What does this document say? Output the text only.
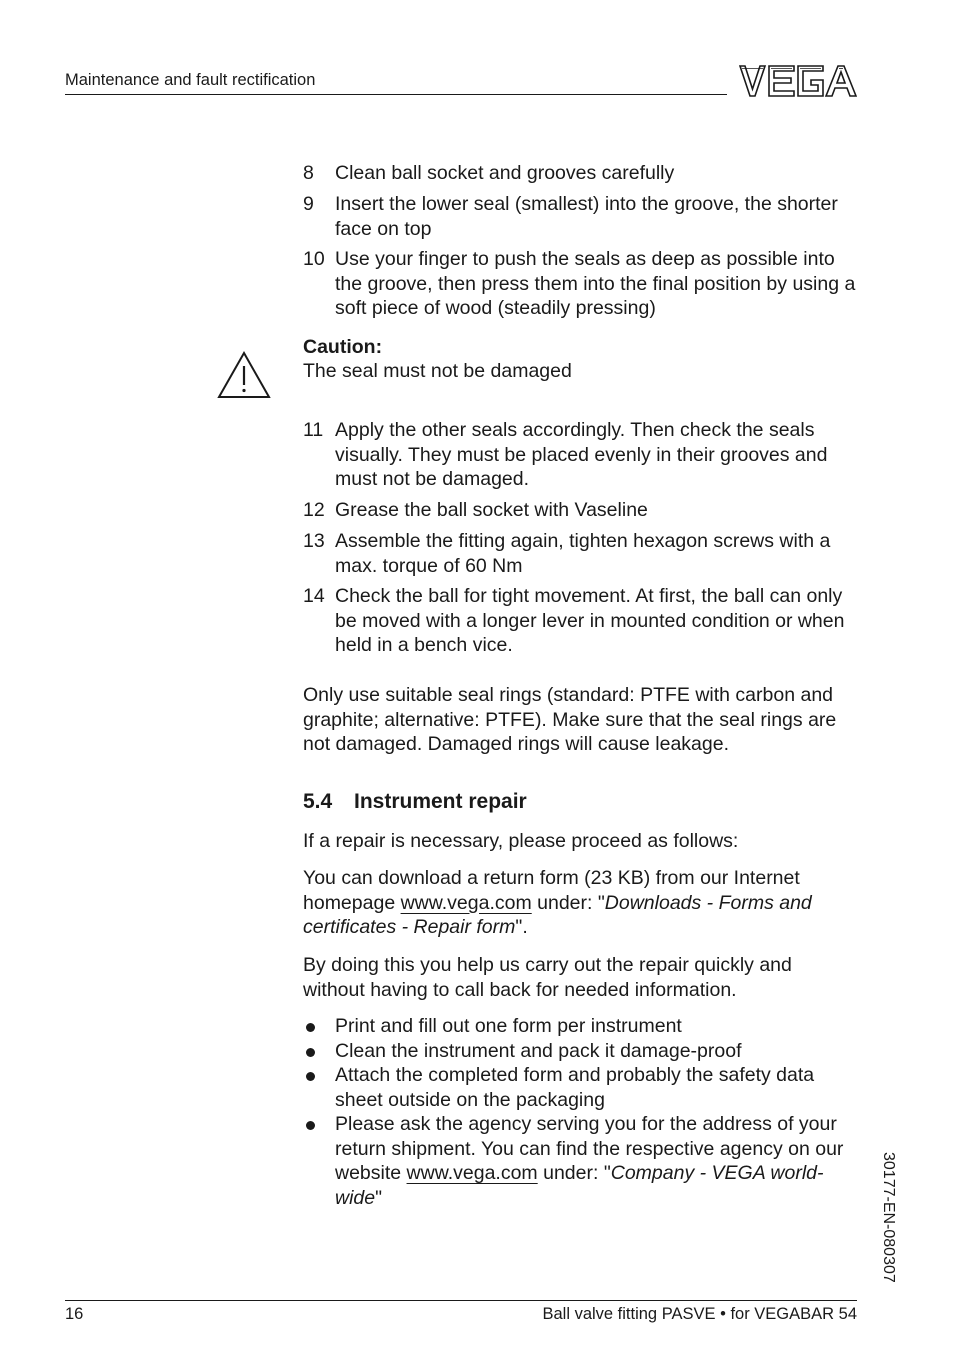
Maintenance and fault rectification
8 Clean ball socket and grooves carefully
9 Insert the lower seal (smallest) into the groove, the shorter face on top
10 Use your finger to push the seals as deep as possible into the groove, then press them into the final position by using a soft piece of wood (steadily pressing)
Caution:
The seal must not be damaged
11 Apply the other seals accordingly. Then check the seals visually. They must be placed evenly in their grooves and must not be damaged.
12 Grease the ball socket with Vaseline
13 Assemble the fitting again, tighten hexagon screws with a max. torque of 60 Nm
14 Check the ball for tight movement. At first, the ball can only be moved with a longer lever in mounted condition or when held in a bench vice.
Only use suitable seal rings (standard: PTFE with carbon and graphite; alternative: PTFE). Make sure that the seal rings are not damaged. Damaged rings will cause leakage.
5.4 Instrument repair
If a repair is necessary, please proceed as follows:
You can download a return form (23 KB) from our Internet homepage www.vega.com under: "Downloads - Forms and certificates - Repair form".
By doing this you help us carry out the repair quickly and without having to call back for needed information.
Print and fill out one form per instrument
Clean the instrument and pack it damage-proof
Attach the completed form and probably the safety data sheet outside on the packaging
Please ask the agency serving you for the address of your return shipment. You can find the respective agency on our website www.vega.com under: "Company - VEGA world-wide"	30177-EN-080307
16	Ball valve fitting PASVE • for VEGABAR 54
